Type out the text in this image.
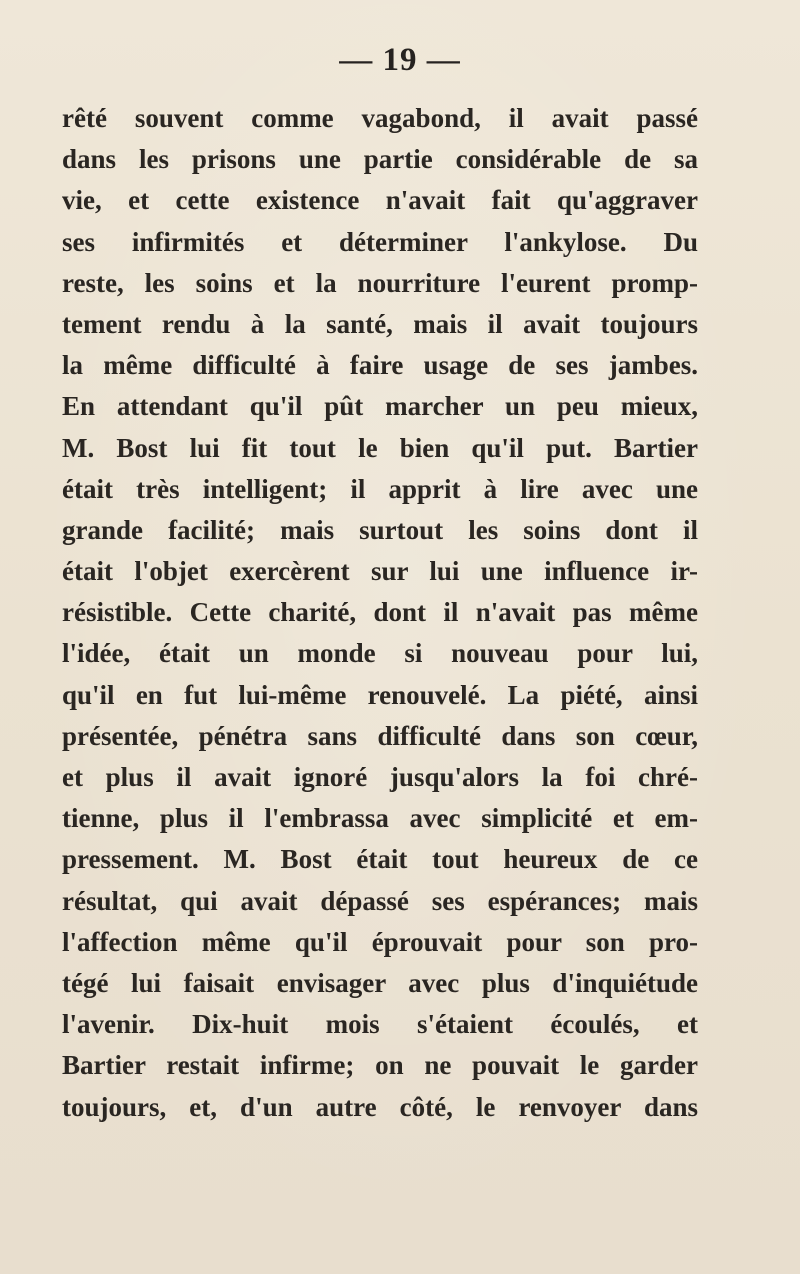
— 19 —
rêté souvent comme vagabond, il avait passé
dans les prisons une partie considérable de sa
vie, et cette existence n'avait fait qu'aggraver
ses infirmités et déterminer l'ankylose. Du
reste, les soins et la nourriture l'eurent promp-
tement rendu à la santé, mais il avait toujours
la même difficulté à faire usage de ses jambes.
En attendant qu'il pût marcher un peu mieux,
M. Bost lui fit tout le bien qu'il put. Bartier
était très intelligent; il apprit à lire avec une
grande facilité; mais surtout les soins dont il
était l'objet exercèrent sur lui une influence ir-
résistible. Cette charité, dont il n'avait pas même
l'idée, était un monde si nouveau pour lui,
qu'il en fut lui-même renouvelé. La piété, ainsi
présentée, pénétra sans difficulté dans son cœur,
et plus il avait ignoré jusqu'alors la foi chré-
tienne, plus il l'embrassa avec simplicité et em-
pressement. M. Bost était tout heureux de ce
résultat, qui avait dépassé ses espérances; mais
l'affection même qu'il éprouvait pour son pro-
tégé lui faisait envisager avec plus d'inquiétude
l'avenir. Dix-huit mois s'étaient écoulés, et
Bartier restait infirme; on ne pouvait le garder
toujours, et, d'un autre côté, le renvoyer dans
